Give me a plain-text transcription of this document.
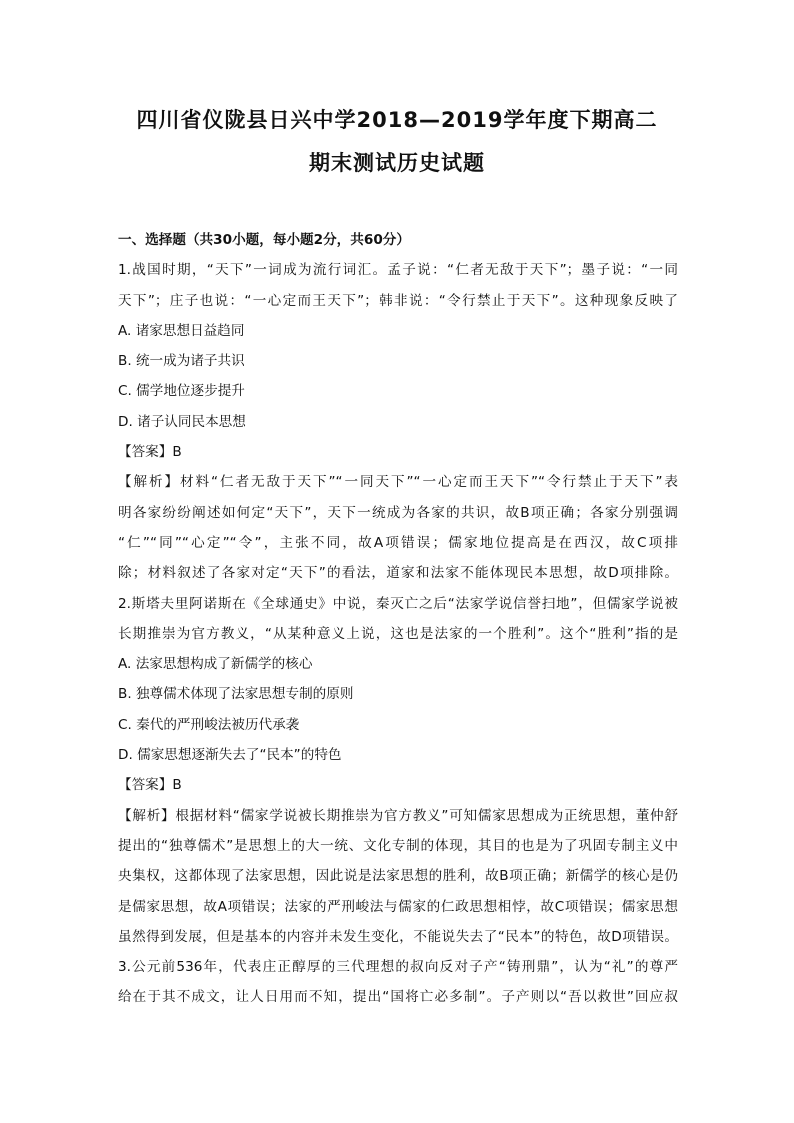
四川省仪陇县日兴中学2018—2019学年度下期高二
期末测试历史试题
一、选择题（共30小题，每小题2分，共60分）
1.战国时期，“天下”一词成为流行词汇。孟子说：“仁者无敌于天下”；墨子说：“一同
天下”；庄子也说：“一心定而王天下”；韩非说：“令行禁止于天下”。这种现象反映了
A. 诸家思想日益趋同
B. 统一成为诸子共识
C. 儒学地位逐步提升
D. 诸子认同民本思想
【答案】B
【解析】材料“仁者无敌于天下”“一同天下”“一心定而王天下”“令行禁止于天下”表
明各家纷纷阐述如何定“天下”，天下一统成为各家的共识，故B项正确；各家分别强调
“仁”“同”“心定”“令”，主张不同，故A项错误；儒家地位提高是在西汉，故C项排
除；材料叙述了各家对定“天下”的看法，道家和法家不能体现民本思想，故D项排除。
2.斯塔夫里阿诺斯在《全球通史》中说，秦灭亡之后“法家学说信誉扫地”，但儒家学说被
长期推崇为官方教义，“从某种意义上说，这也是法家的一个胜利”。这个“胜利”指的是
A. 法家思想构成了新儒学的核心
B. 独尊儒术体现了法家思想专制的原则
C. 秦代的严刑峻法被历代承袭
D. 儒家思想逐渐失去了“民本”的特色
【答案】B
【解析】根据材料“儒家学说被长期推崇为官方教义”可知儒家思想成为正统思想，董仲舒
提出的“独尊儒术”是思想上的大一统、文化专制的体现，其目的也是为了巩固专制主义中
央集权，这都体现了法家思想，因此说是法家思想的胜利，故B项正确；新儒学的核心是仍
是儒家思想，故A项错误；法家的严刑峻法与儒家的仁政思想相悖，故C项错误；儒家思想
虽然得到发展，但是基本的内容并未发生变化，不能说失去了“民本”的特色，故D项错误。
3.公元前536年，代表庄正醇厚的三代理想的叔向反对子产“铸刑鼎”，认为“礼”的尊严
给在于其不成文，让人日用而不知，提出“国将亡必多制”。子产则以“吾以救世”回应叔
